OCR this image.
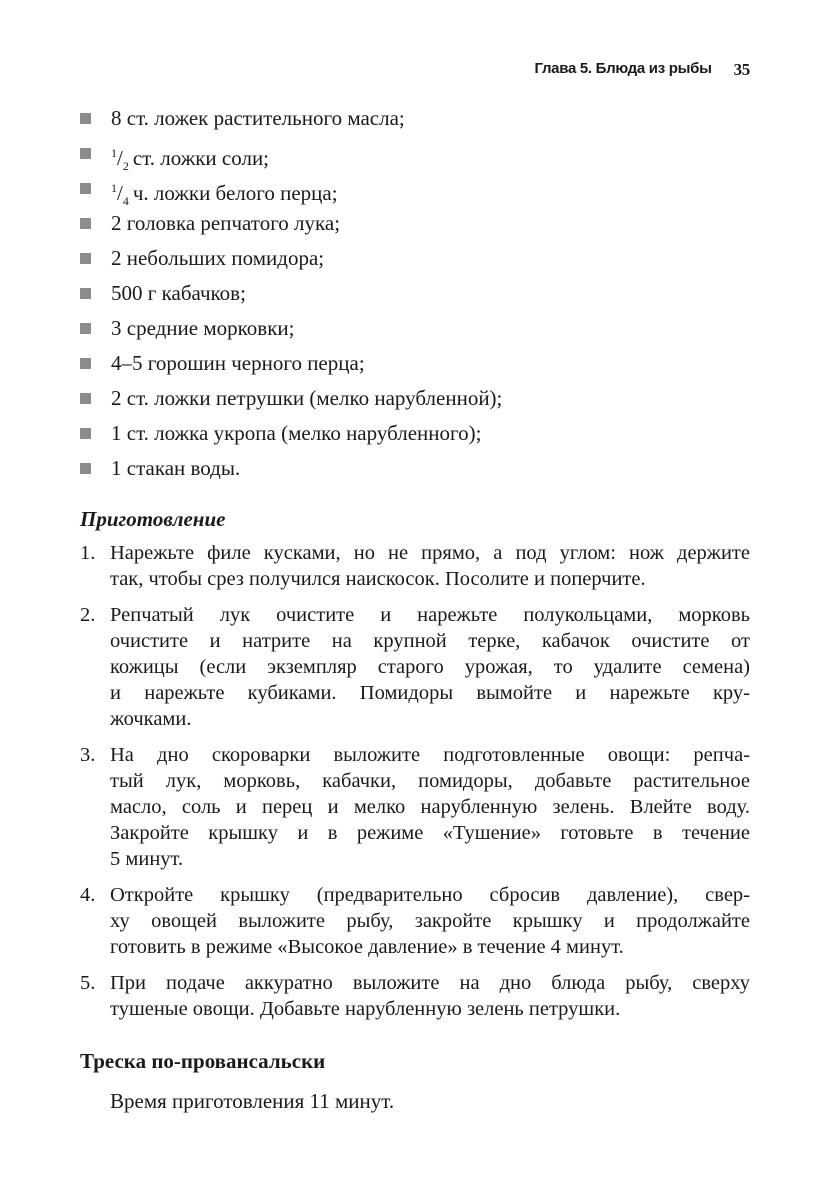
Глава 5. Блюда из рыбы 35
8 ст. ложек растительного масла;
$^1/_2$ ст. ложки соли;
$^1/_4$ ч. ложки белого перца;
2 головка репчатого лука;
2 небольших помидора;
500 г кабачков;
3 средние морковки;
4–5 горошин черного перца;
2 ст. ложки петрушки (мелко нарубленной);
1 ст. ложка укропа (мелко нарубленного);
1 стакан воды.
Приготовление
1. Нарежьте филе кусками, но не прямо, а под углом: нож держите
так, чтобы срез получился наискосок. Посолите и поперчите.
2. Репчатый лук очистите и нарежьте полукольцами, морковь
очистите и натрите на крупной терке, кабачок очистите от
кожицы (если экземпляр старого урожая, то удалите семена)
и нарежьте кубиками. Помидоры вымойте и нарежьте кру-
жочками.
3. На дно скороварки выложите подготовленные овощи: репча-
тый лук, морковь, кабачки, помидоры, добавьте растительное
масло, соль и перец и мелко нарубленную зелень. Влейте воду.
Закройте крышку и в режиме «Тушение» готовьте в течение
5 минут.
4. Откройте крышку (предварительно сбросив давление), свер-
ху овощей выложите рыбу, закройте крышку и продолжайте
готовить в режиме «Высокое давление» в течение 4 минут.
5. При подаче аккуратно выложите на дно блюда рыбу, сверху
тушеные овощи. Добавьте нарубленную зелень петрушки.
Треска по-провансальски
Время приготовления 11 минут.
